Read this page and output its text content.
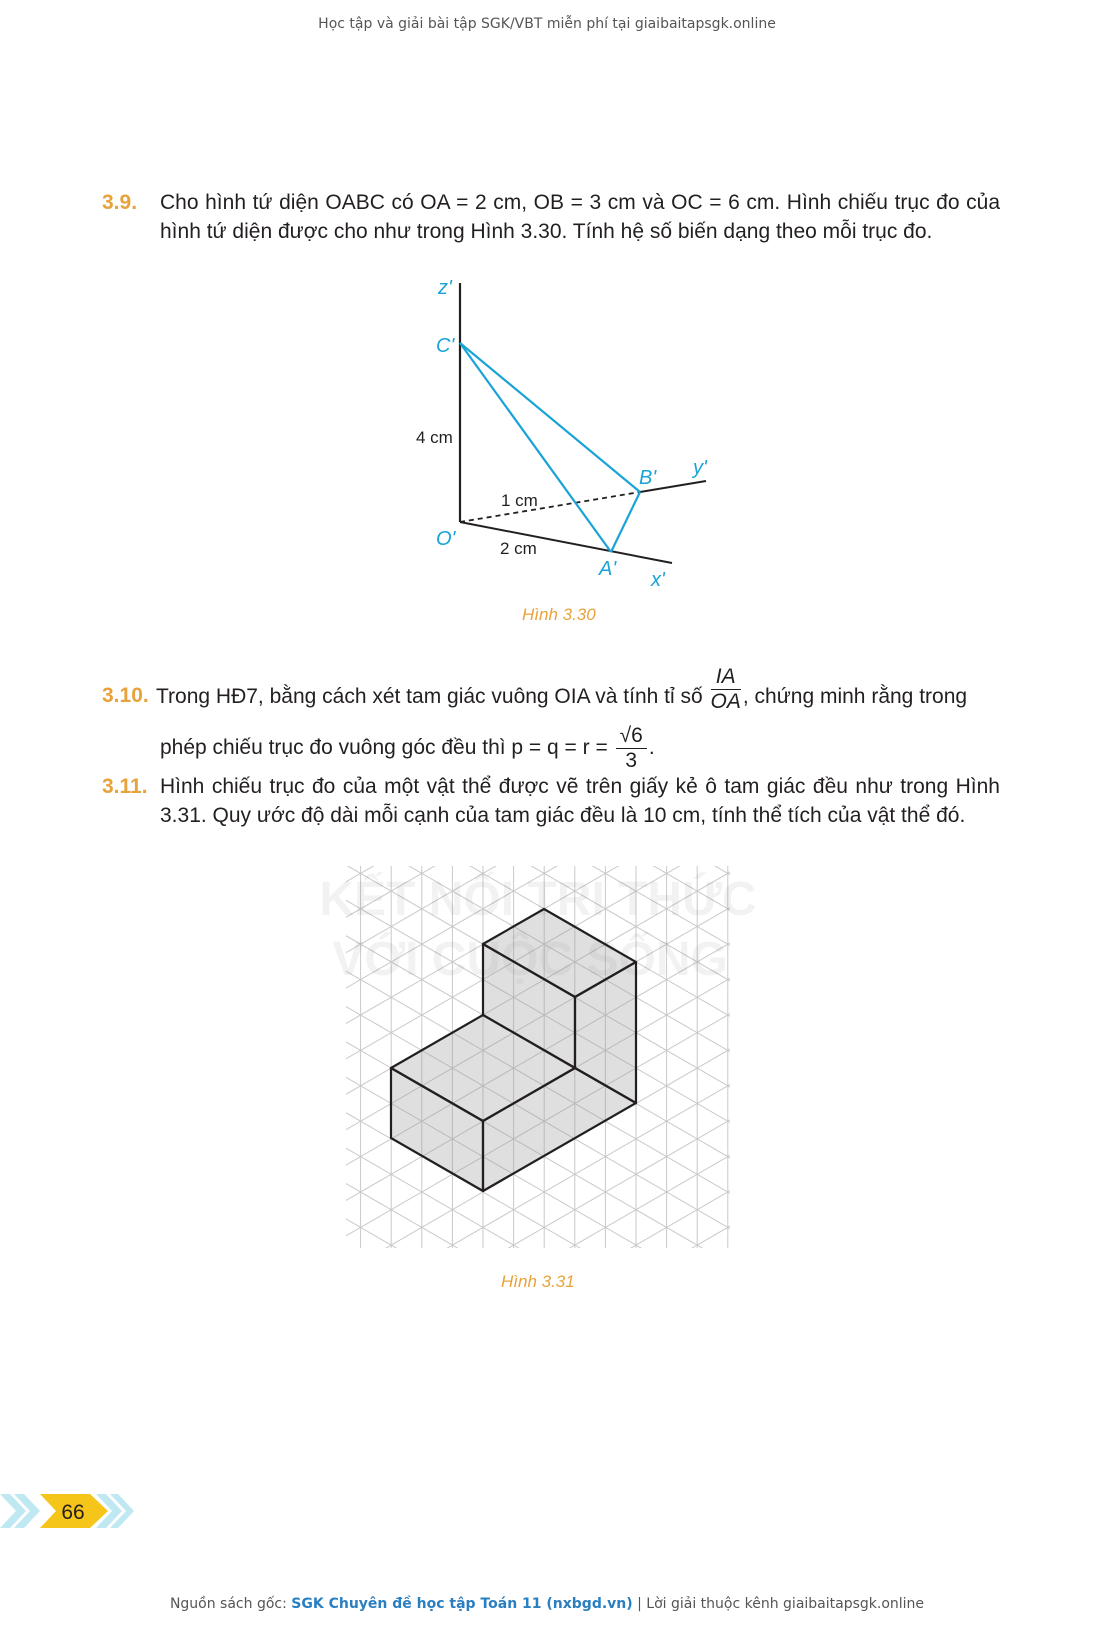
Học tập và giải bài tập SGK/VBT miễn phí tại giaibaitapsgk.online
3.9. Cho hình tứ diện OABC có OA = 2 cm, OB = 3 cm và OC = 6 cm. Hình chiếu trục đo của hình tứ diện được cho như trong Hình 3.30. Tính hệ số biến dạng theo mỗi trục đo.
z'
C'
4 cm
B' y'
1 cm
O'	2 cm
A' x'
Hình 3.30
3.10. Trong HĐ7, bằng cách xét tam giác vuông OIA và tính tỉ số $\frac{IA}{OA}$ , chứng minh rằng trong
phép chiếu trục đo vuông góc đều thì $p = q = r = \frac{√6}{3}$ .
3.11. Hình chiếu trục đo của một vật thể được vẽ trên giấy kẻ ô tam giác đều như trong Hình 3.31. Quy ước độ dài mỗi cạnh của tam giác đều là 10 cm, tính thể tích của vật thể đó.
KẾT NỐI TRI THỨC
VỚI CUỘC SỐNG
Hình 3.31
66
Nguồn sách gốc: SGK Chuyên đề học tập Toán 11 (nxbgd.vn) | Lời giải thuộc kênh giaibaitapsgk.online
